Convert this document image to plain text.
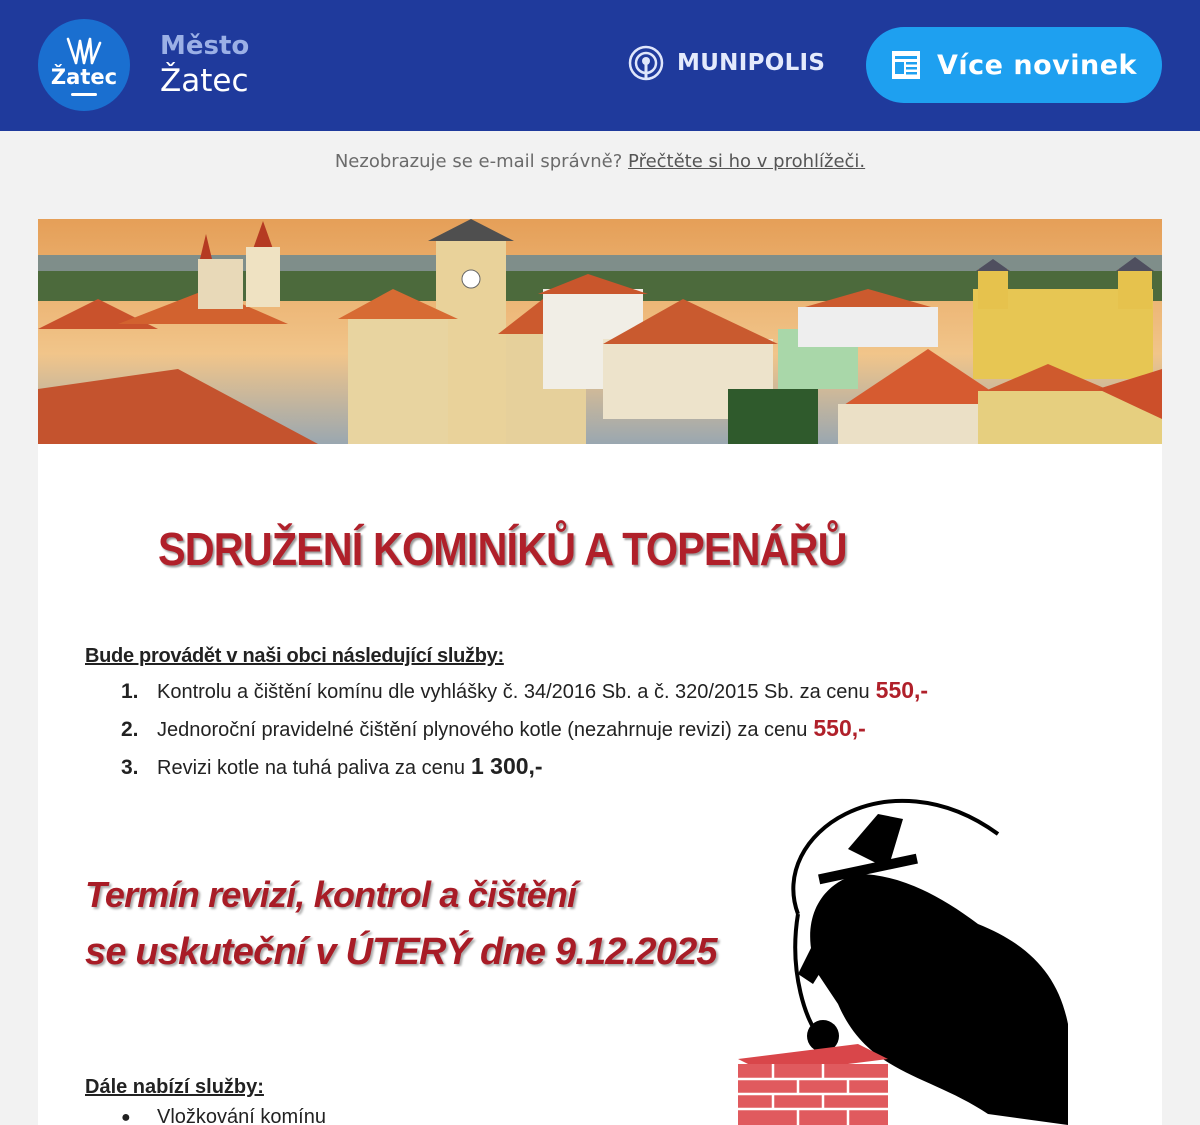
Žatec
Město
Žatec	MUNIPOLIS	Více novinek
Nezobrazuje se e-mail správně? Přečtěte si ho v prohlížeči.
SDRUŽENÍ KOMINÍKŮ A TOPENÁŘŮ
Bude provádět v naši obci následující služby:
1. Kontrolu a čištění komínu dle vyhlášky č. 34/2016 Sb. a č. 320/2015 Sb. za cenu 550,-
2. Jednoroční pravidelné čištění plynového kotle (nezahrnuje revizi) za cenu 550,-
3. Revizi kotle na tuhá paliva za cenu 1 300,-
Termín revizí, kontrol a čištění
se uskuteční v ÚTERÝ dne 9.12.2025
Dále nabízí služby:
●	Vložkování komínu
